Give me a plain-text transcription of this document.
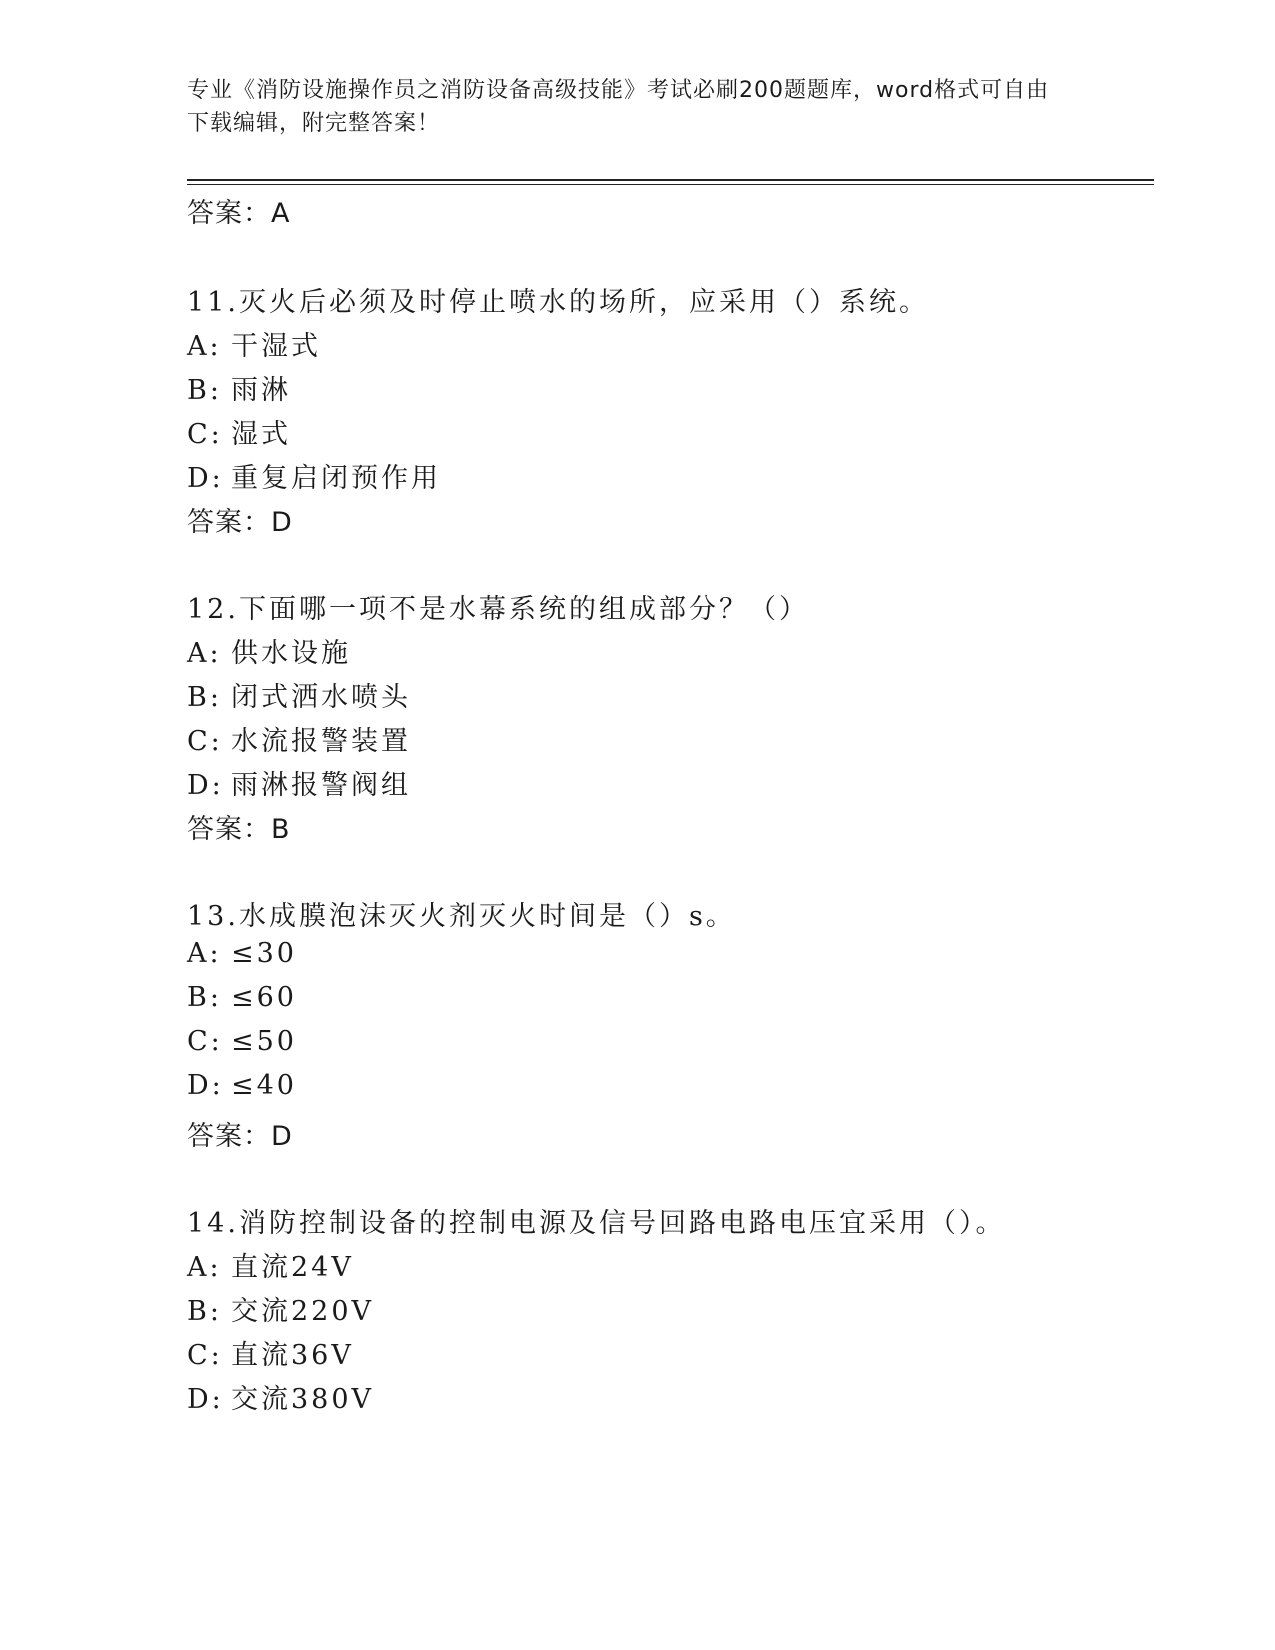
专业《消防设施操作员之消防设备高级技能》考试必刷200题题库，word格式可自由下载编辑，附完整答案！
答案：A
11.灭火后必须及时停止喷水的场所，应采用（）系统。
A: 干湿式
B: 雨淋
C: 湿式
D: 重复启闭预作用
答案：D
12.下面哪一项不是水幕系统的组成部分？（）
A: 供水设施
B: 闭式洒水喷头
C: 水流报警装置
D: 雨淋报警阀组
答案：B
13.水成膜泡沫灭火剂灭火时间是（）s。
A: ≤30
B: ≤60
C: ≤50
D: ≤40
答案：D
14.消防控制设备的控制电源及信号回路电路电压宜采用（）。
A: 直流24V
B: 交流220V
C: 直流36V
D: 交流380V
